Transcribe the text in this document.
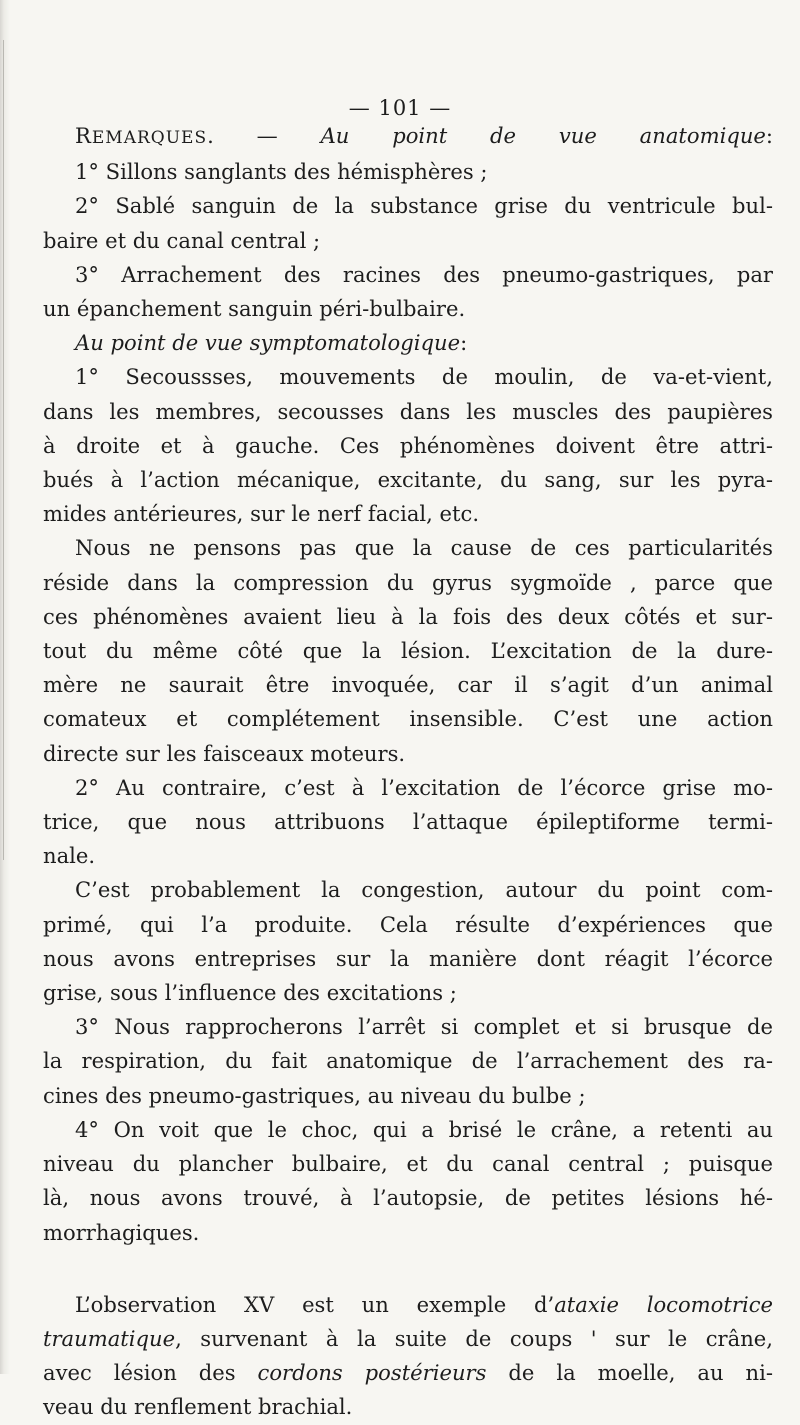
— 101 —
REMARQUES. — Au point de vue anatomique:
1° Sillons sanglants des hémisphères ;
2° Sablé sanguin de la substance grise du ventricule bul-
baire et du canal central ;
3° Arrachement des racines des pneumo-gastriques, par
un épanchement sanguin péri-bulbaire.
Au point de vue symptomatologique:
1° Secoussses, mouvements de moulin, de va-et-vient,
dans les membres, secousses dans les muscles des paupières
à droite et à gauche. Ces phénomènes doivent être attri-
bués à l’action mécanique, excitante, du sang, sur les pyra-
mides antérieures, sur le nerf facial, etc.
Nous ne pensons pas que la cause de ces particularités
réside dans la compression du gyrus sygmoïde , parce que
ces phénomènes avaient lieu à la fois des deux côtés et sur-
tout du même côté que la lésion. L’excitation de la dure-
mère ne saurait être invoquée, car il s’agit d’un animal
comateux et complétement insensible. C’est une action
directe sur les faisceaux moteurs.
2° Au contraire, c’est à l’excitation de l’écorce grise mo-
trice, que nous attribuons l’attaque épileptiforme termi-
nale.
C’est probablement la congestion, autour du point com-
primé, qui l’a produite. Cela résulte d’expériences que
nous avons entreprises sur la manière dont réagit l’écorce
grise, sous l’influence des excitations ;
3° Nous rapprocherons l’arrêt si complet et si brusque de
la respiration, du fait anatomique de l’arrachement des ra-
cines des pneumo-gastriques, au niveau du bulbe ;
4° On voit que le choc, qui a brisé le crâne, a retenti au
niveau du plancher bulbaire, et du canal central ; puisque
là, nous avons trouvé, à l’autopsie, de petites lésions hé-
morrhagiques.
L’observation XV est un exemple d’ataxie locomotrice
traumatique, survenant à la suite de coups ' sur le crâne,
avec lésion des cordons postérieurs de la moelle, au ni-
veau du renflement brachial.
